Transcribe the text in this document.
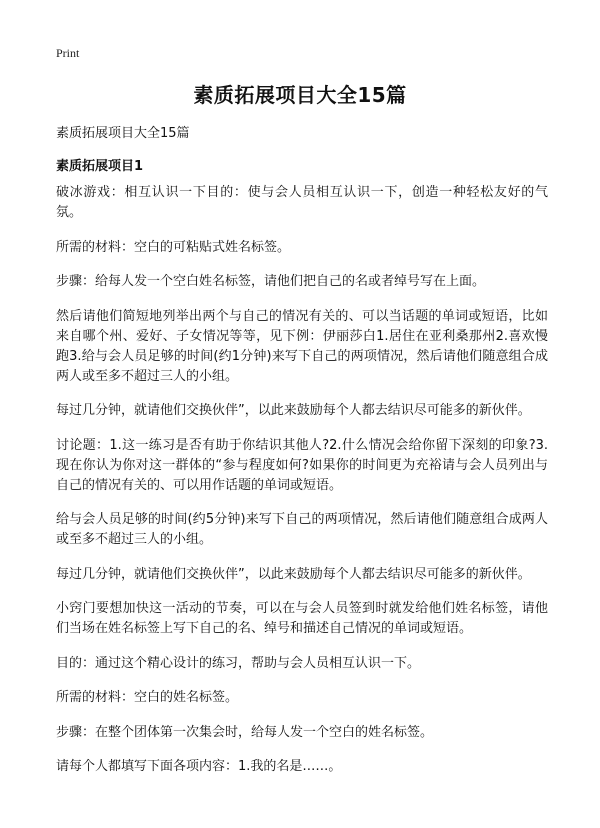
Print
素质拓展项目大全15篇
素质拓展项目大全15篇
素质拓展项目1

破冰游戏：相互认识一下目的：使与会人员相互认识一下，创造一种轻松友好的气氛。

所需的材料：空白的可粘贴式姓名标签。

步骤：给每人发一个空白姓名标签，请他们把自己的名或者绰号写在上面。

然后请他们简短地列举出两个与自己的情况有关的、可以当话题的单词或短语，比如来自哪个州、爱好、子女情况等等，见下例：伊丽莎白1.居住在亚利桑那州2.喜欢慢跑3.给与会人员足够的时间(约1分钟)来写下自己的两项情况，然后请他们随意组合成两人或至多不超过三人的小组。

每过几分钟，就请他们交换伙伴”，以此来鼓励每个人都去结识尽可能多的新伙伴。

讨论题：1.这一练习是否有助于你结识其他人?2.什么情况会给你留下深刻的印象?3.现在你认为你对这一群体的“参与程度如何?如果你的时间更为充裕请与会人员列出与自己的情况有关的、可以用作话题的单词或短语。

给与会人员足够的时间(约5分钟)来写下自己的两项情况，然后请他们随意组合成两人或至多不超过三人的小组。

每过几分钟，就请他们交换伙伴”，以此来鼓励每个人都去结识尽可能多的新伙伴。

小窍门要想加快这一活动的节奏，可以在与会人员签到时就发给他们姓名标签，请他们当场在姓名标签上写下自己的名、绰号和描述自己情况的单词或短语。

目的：通过这个精心设计的练习，帮助与会人员相互认识一下。

所需的材料：空白的姓名标签。

步骤：在整个团体第一次集会时，给每人发一个空白的姓名标签。

请每个人都填写下面各项内容：1.我的名是……。
